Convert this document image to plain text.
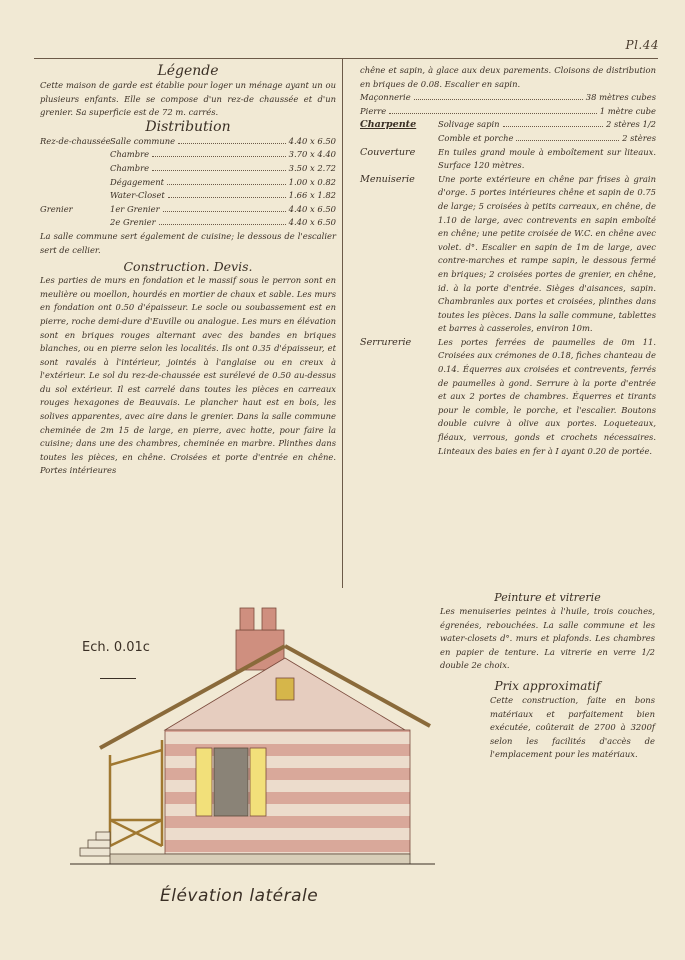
Pl.44

Légende

Cette maison de garde est établie pour loger un ménage ayant un ou plusieurs enfants. Elle se compose d'un rez-de chaussée et d'un grenier. Sa superficie est de 72 m. carrés.

Distribution

Rez-de-chaussée Salle commune	4.40 x 6.50
Chambre	3.70 x 4.40
Chambre	3.50 x 2.72
Dégagement	1.00 x 0.82
Water-Closet	1.66 x 1.82
Grenier	1er Grenier	4.40 x 6.50
2e Grenier	4.40 x 6.50

La salle commune sert également de cuisine; le dessous de l'escalier sert de cellier.

Construction. Devis.

Les parties de murs en fondation et le massif sous le perron sont en meulière ou moellon, hourdés en mortier de chaux et sable. Les murs en fondation ont 0.50 d'épaisseur. Le socle ou soubassement est en pierre, roche demi-dure d'Euville ou analogue. Les murs en élévation sont en briques rouges alternant avec des bandes en briques blanches, ou en pierre selon les localités. Ils ont 0.35 d'épaisseur, et sont ravalés à l'intérieur, jointés à l'anglaise ou en creux à l'extérieur. Le sol du rez-de-chaussée est surélevé de 0.50 au-dessus du sol extérieur. Il est carrelé dans toutes les pièces en carreaux rouges hexagones de Beauvais. Le plancher haut est en bois, les solives apparentes, avec aire dans le grenier. Dans la salle commune cheminée de 2m 15 de large, en pierre, avec hotte, pour faire la cuisine; dans une des chambres, cheminée en marbre. Plinthes dans toutes les pièces, en chêne. Croisées et porte d'entrée en chêne. Portes intérieures

chêne et sapin, à glace aux deux parements. Cloisons de distribution en briques de 0.08. Escalier en sapin.

Maçonnerie	38 mètres cubes
Pierre	1 mètre cube
Charpente	Solivage sapin	2 stères 1/2
Comble et porche	2 stères
Couverture	En tuiles grand moule à emboîtement sur liteaux. Surface 120 mètres.
Menuiserie	Une porte extérieure en chêne par frises à grain d'orge. 5 portes intérieures chêne et sapin de 0.75 de large; 5 croisées à petits carreaux, en chêne, de 1.10 de large, avec contrevents en sapin emboîté en chêne; une petite croisée de W.C. en chêne avec volet. d°. Escalier en sapin de 1m de large, avec contre-marches et rampe sapin, le dessous fermé en briques; 2 croisées portes de grenier, en chêne, id. à la porte d'entrée. Sièges d'aisances, sapin. Chambranles aux portes et croisées, plinthes dans toutes les pièces. Dans la salle commune, tablettes et barres à casseroles, environ 10m.
Serrurerie	Les portes ferrées de paumelles de 0m 11. Croisées aux crémones de 0.18, fiches chanteau de 0.14. Équerres aux croisées et contrevents, ferrés de paumelles à gond. Serrure à la porte d'entrée et aux 2 portes de chambres. Équerres et tirants pour le comble, le porche, et l'escalier. Boutons double cuivre à olive aux portes. Loqueteaux, fléaux, verrous, gonds et crochets nécessaires. Linteaux des baies en fer à I ayant 0.20 de portée.

Peinture et vitrerie

Les menuiseries peintes à l'huile, trois couches, égrenées, rebouchées. La salle commune et les water-closets d°. murs et plafonds. Les chambres en papier de tenture. La vitrerie en verre 1/2 double 2e choix.

Prix approximatif

Cette construction, faite en bons matériaux et parfaitement bien exécutée, coûterait de 2700 à 3200f selon les facilités d'accès de l'emplacement pour les matériaux.

Ech. 0.01c
Élévation latérale
